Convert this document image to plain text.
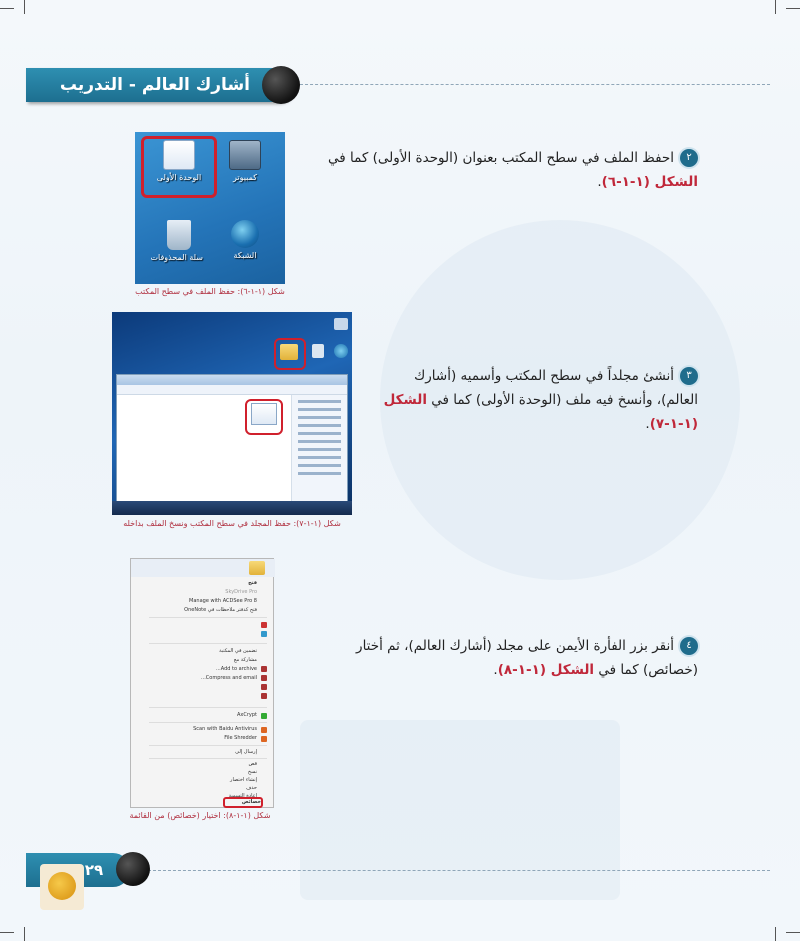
أشارك العالم - التدريب
٢احفظ الملف في سطح المكتب بعنوان (الوحدة الأولى) كما في الشكل (١-١-٦).
٣أنشئ مجلداً في سطح المكتب وأسميه (أشارك العالم)، وأنسخ فيه ملف (الوحدة الأولى) كما في الشكل (١-١-٧).
٤أنقر بزر الفأرة الأيمن على مجلد (أشارك العالم)، ثم أختار (خصائص) كما في الشكل (١-١-٨).
الوحدة الأولى	كمبيوتر
سلة المحذوفات	الشبكة
شكل (١-١-٦): حفظ الملف في سطح المكتب
شكل (١-١-٧): حفظ المجلد في سطح المكتب ونسخ الملف بداخله
فتح
SkyDrive Pro
Manage with ACDSee Pro 8
فتح كدفتر ملاحظات في OneNote
تضمين في المكتبة
مشاركة مع
Add to archive...
Compress and email...
AxCrypt
Scan with Baidu Antivirus
File Shredder
إرسال إلى
قص
نسخ
إنشاء اختصار
حذف
إعادة التسمية
خصائص
شكل (١-١-٨): اختيار (خصائص) من القائمة
٢٩
